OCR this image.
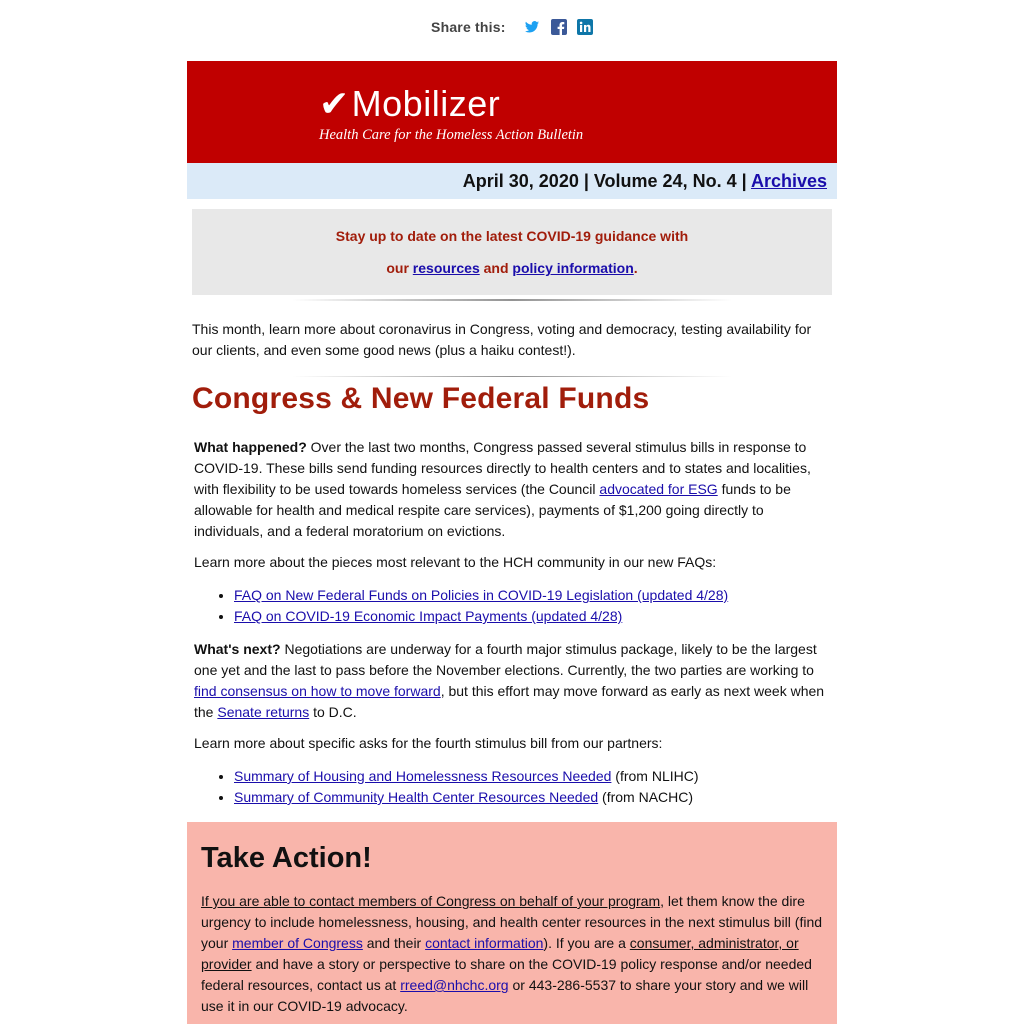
Share this:
✔Mobilizer
Health Care for the Homeless Action Bulletin
April 30, 2020 | Volume 24, No. 4 | Archives

Stay up to date on the latest COVID-19 guidance with

our resources and policy information.

This month, learn more about coronavirus in Congress, voting and democracy, testing availability for our clients, and even some good news (plus a haiku contest!).

Congress & New Federal Funds

What happened? Over the last two months, Congress passed several stimulus bills in response to COVID-19. These bills send funding resources directly to health centers and to states and localities, with flexibility to be used towards homeless services (the Council advocated for ESG funds to be allowable for health and medical respite care services), payments of $1,200 going directly to individuals, and a federal moratorium on evictions.

Learn more about the pieces most relevant to the HCH community in our new FAQs:

• FAQ on New Federal Funds on Policies in COVID-19 Legislation (updated 4/28)
• FAQ on COVID-19 Economic Impact Payments (updated 4/28)

What's next? Negotiations are underway for a fourth major stimulus package, likely to be the largest one yet and the last to pass before the November elections. Currently, the two parties are working to find consensus on how to move forward, but this effort may move forward as early as next week when the Senate returns to D.C.

Learn more about specific asks for the fourth stimulus bill from our partners:

• Summary of Housing and Homelessness Resources Needed (from NLIHC)
• Summary of Community Health Center Resources Needed (from NACHC)
Take Action!

If you are able to contact members of Congress on behalf of your program, let them know the dire urgency to include homelessness, housing, and health center resources in the next stimulus bill (find your member of Congress and their contact information). If you are a consumer, administrator, or provider and have a story or perspective to share on the COVID-19 policy response and/or needed federal resources, contact us at rreed@nhchc.org or 443-286-5537 to share your story and we will use it in our COVID-19 advocacy.
